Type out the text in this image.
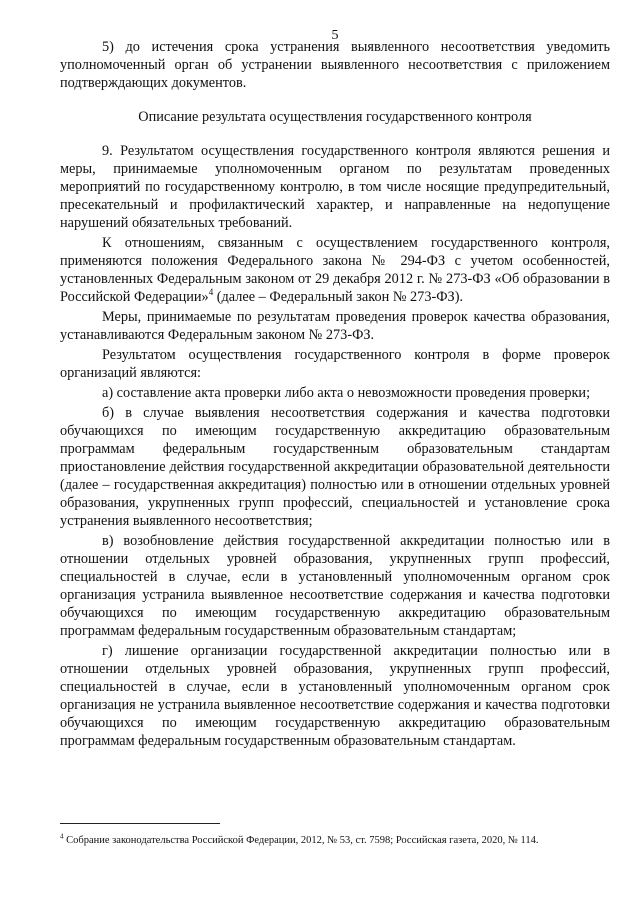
5

5) до истечения срока устранения выявленного несоответствия уведомить уполномоченный орган об устранении выявленного несоответствия с приложением подтверждающих документов.

Описание результата осуществления государственного контроля

9. Результатом осуществления государственного контроля являются решения и меры, принимаемые уполномоченным органом по результатам проведенных мероприятий по государственному контролю, в том числе носящие предупредительный, пресекательный и профилактический характер, и направленные на недопущение нарушений обязательных требований.

К отношениям, связанным с осуществлением государственного контроля, применяются положения Федерального закона № 294-ФЗ с учетом особенностей, установленных Федеральным законом от 29 декабря 2012 г. № 273-ФЗ «Об образовании в Российской Федерации»$^4$ (далее – Федеральный закон № 273-ФЗ).

Меры, принимаемые по результатам проведения проверок качества образования, устанавливаются Федеральным законом № 273-ФЗ.

Результатом осуществления государственного контроля в форме проверок организаций являются:

а) составление акта проверки либо акта о невозможности проведения проверки;

б) в случае выявления несоответствия содержания и качества подготовки обучающихся по имеющим государственную аккредитацию образовательным программам федеральным государственным образовательным стандартам приостановление действия государственной аккредитации образовательной деятельности (далее – государственная аккредитация) полностью или в отношении отдельных уровней образования, укрупненных групп профессий, специальностей и установление срока устранения выявленного несоответствия;

в) возобновление действия государственной аккредитации полностью или в отношении отдельных уровней образования, укрупненных групп профессий, специальностей в случае, если в установленный уполномоченным органом срок организация устранила выявленное несоответствие содержания и качества подготовки обучающихся по имеющим государственную аккредитацию образовательным программам федеральным государственным образовательным стандартам;

г) лишение организации государственной аккредитации полностью или в отношении отдельных уровней образования, укрупненных групп профессий, специальностей в случае, если в установленный уполномоченным органом срок организация не устранила выявленное несоответствие содержания и качества подготовки обучающихся по имеющим государственную аккредитацию образовательным программам федеральным государственным образовательным стандартам.

$^4$ Собрание законодательства Российской Федерации, 2012, № 53, ст. 7598; Российская газета, 2020, № 114.
